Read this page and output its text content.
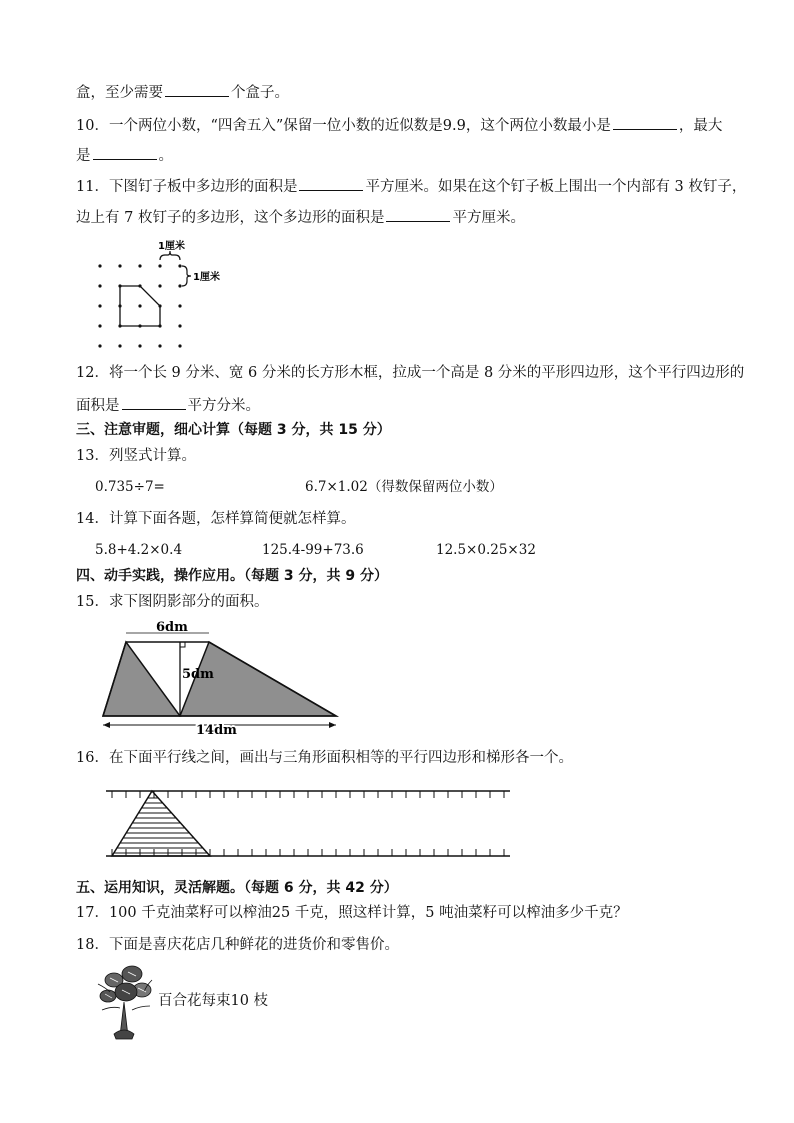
盒，至少需要	个盒子。
10．一个两位小数，“四舍五入”保留一位小数的近似数是9.9，这个两位小数最小是	，最大
是	。
11．下图钉子板中多边形的面积是	平方厘米。如果在这个钉子板上围出一个内部有 3 枚钉子，
边上有 7 枚钉子的多边形，这个多边形的面积是	平方厘米。
1厘米
1厘米
12．将一个长 9 分米、宽 6 分米的长方形木框，拉成一个高是 8 分米的平形四边形，这个平行四边形的
面积是	平方分米。
三、注意审题，细心计算（每题 3 分，共 15 分）
13．列竖式计算。
0.735÷7=	6.7×1.02（得数保留两位小数）
14．计算下面各题，怎样算简便就怎样算。
5.8+4.2×0.4	125.4-99+73.6	12.5×0.25×32
四、动手实践，操作应用。（每题 3 分，共 9 分）
15．求下图阴影部分的面积。
6dm
5dm
14dm
16．在下面平行线之间，画出与三角形面积相等的平行四边形和梯形各一个。
五、运用知识，灵活解题。（每题 6 分，共 42 分）
17．100 千克油菜籽可以榨油25 千克，照这样计算，5 吨油菜籽可以榨油多少千克？
18．下面是喜庆花店几种鲜花的进货价和零售价。
百合花每束10 枝
